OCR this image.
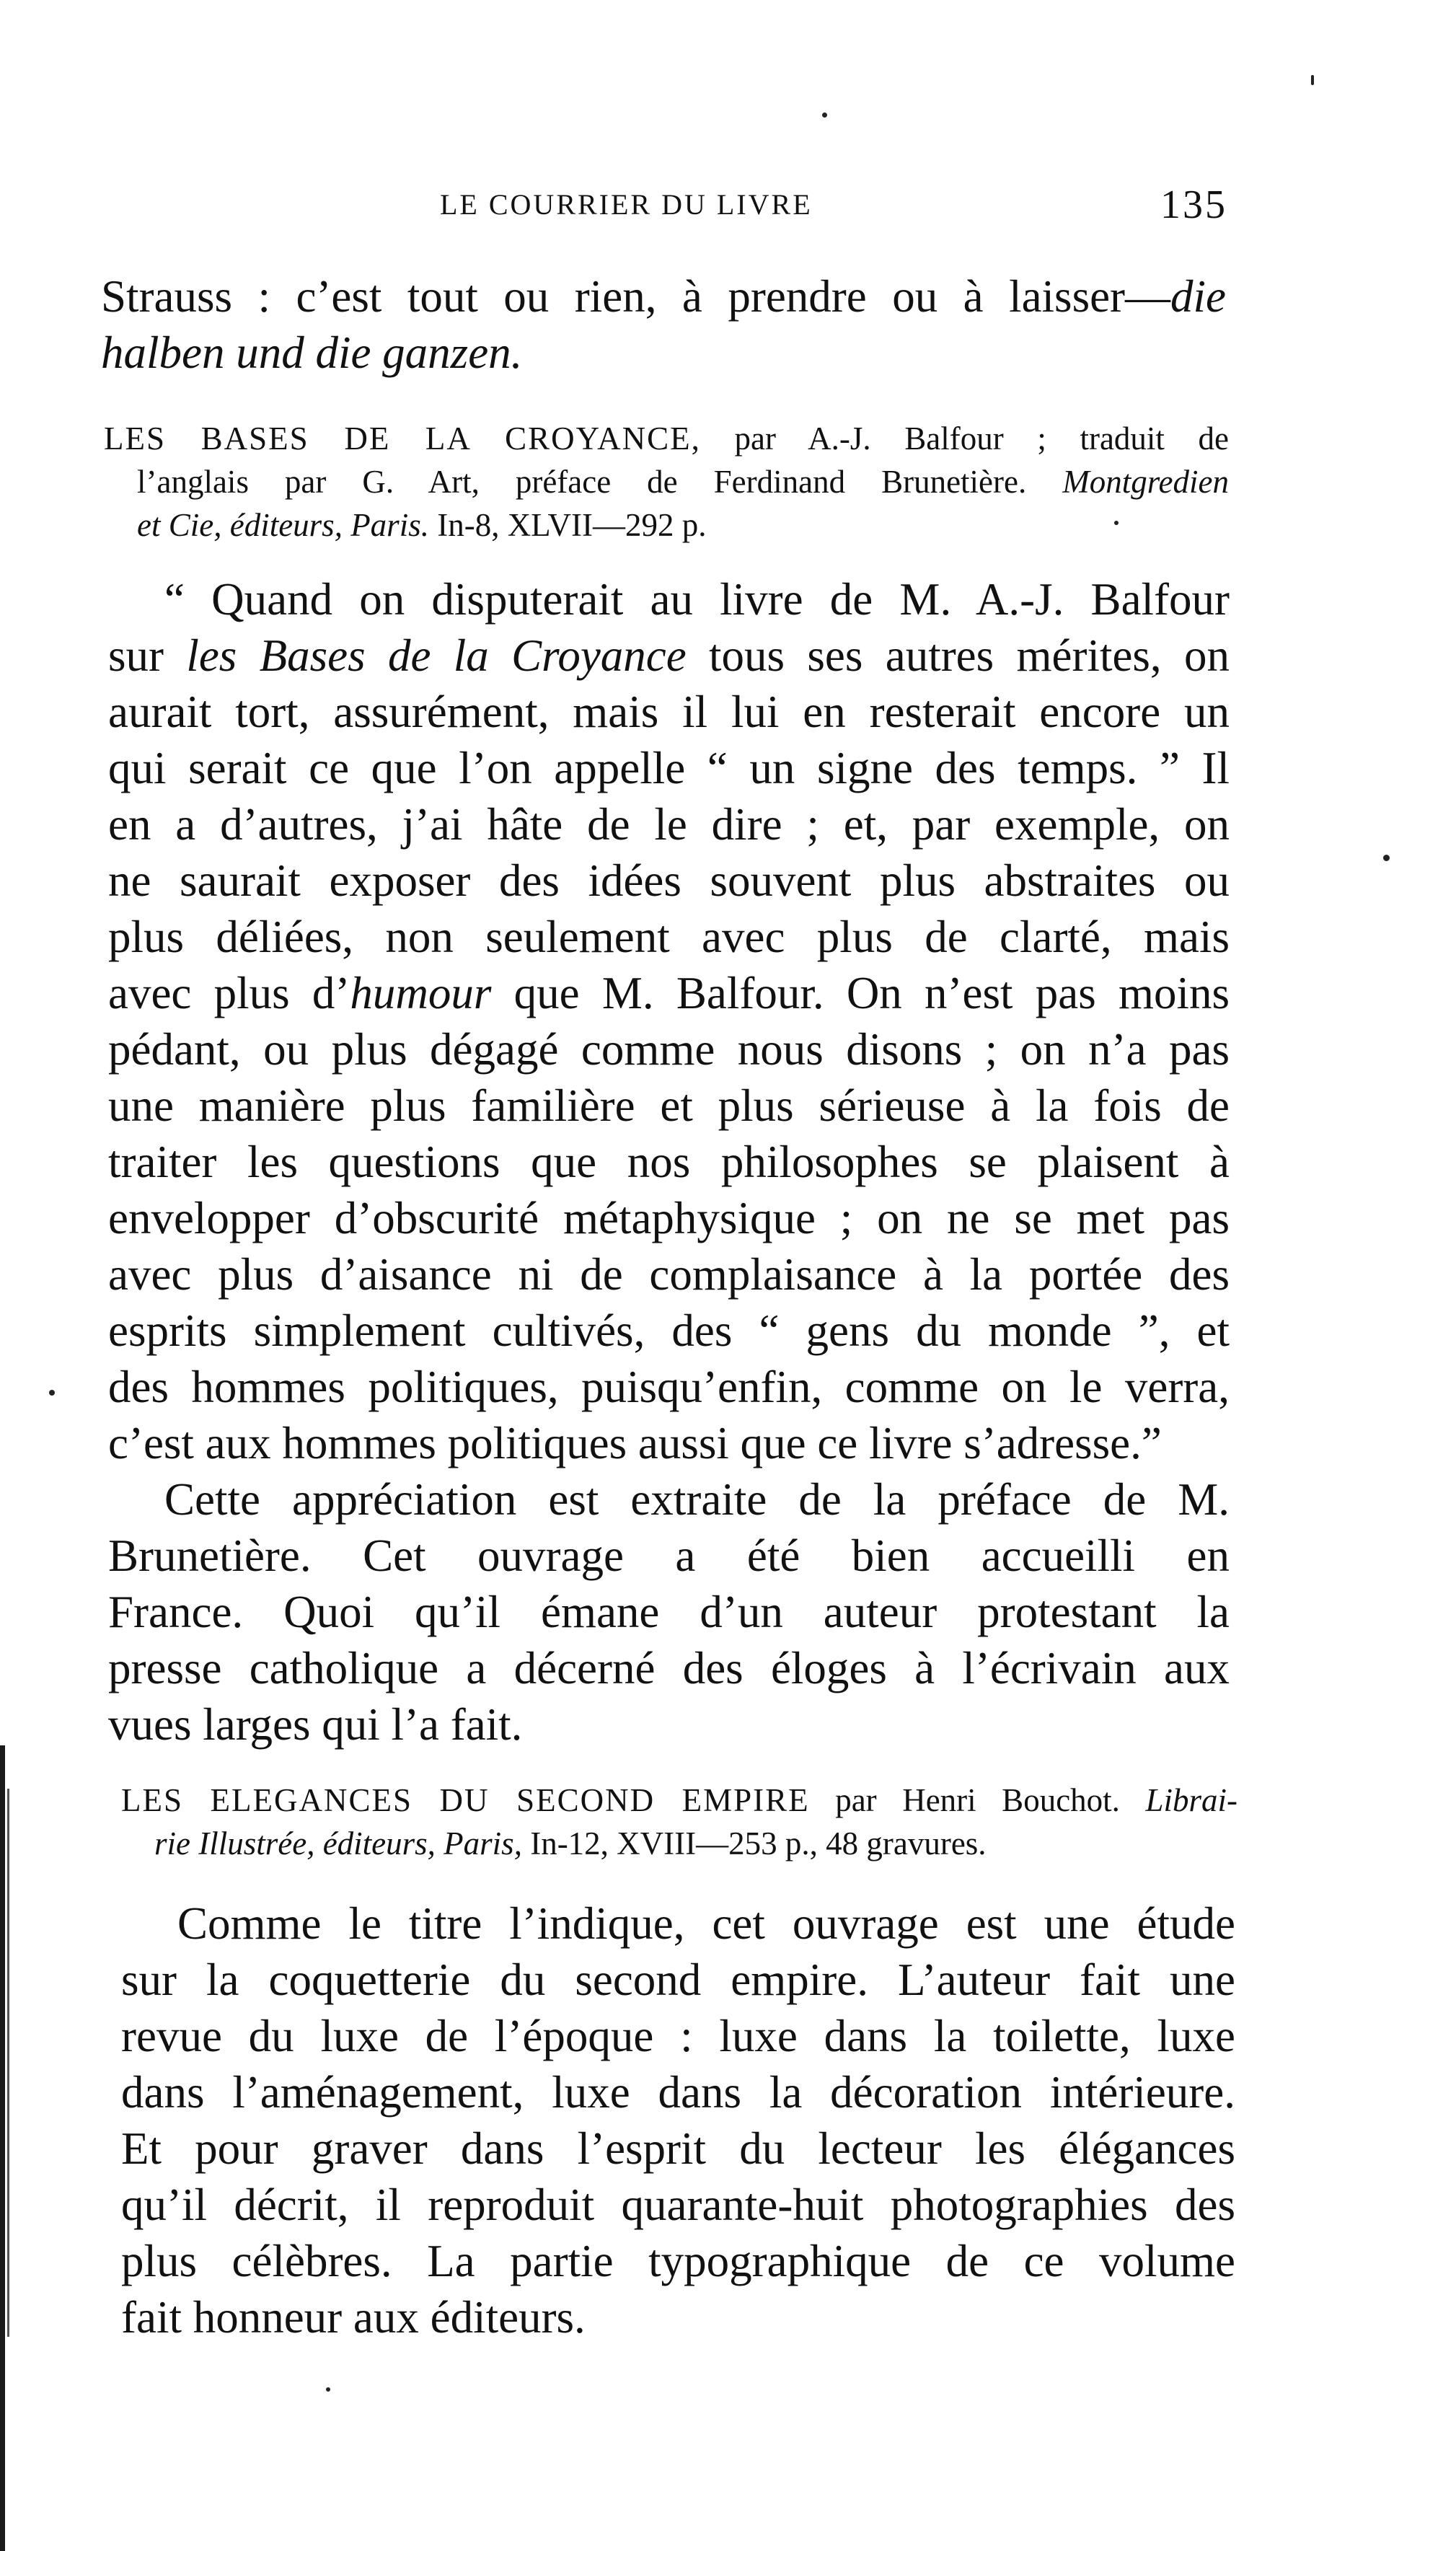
LE COURRIER DU LIVRE	135
Strauss : c’est tout ou rien, à prendre ou à laisser—die
halben und die ganzen.
LES BASES DE LA CROYANCE, par A.-J. Balfour ; traduit de
l’anglais par G. Art, préface de Ferdinand Brunetière. Montgredien
et Cie, éditeurs, Paris. In-8, XLVII—292 p.
“ Quand on disputerait au livre de M. A.-J. Balfour
sur les Bases de la Croyance tous ses autres mérites, on
aurait tort, assurément, mais il lui en resterait encore un
qui serait ce que l’on appelle “ un signe des temps. ” Il
en a d’autres, j’ai hâte de le dire ; et, par exemple, on
ne saurait exposer des idées souvent plus abstraites ou
plus déliées, non seulement avec plus de clarté, mais
avec plus d’humour que M. Balfour. On n’est pas moins
pédant, ou plus dégagé comme nous disons ; on n’a pas
une manière plus familière et plus sérieuse à la fois de
traiter les questions que nos philosophes se plaisent à
envelopper d’obscurité métaphysique ; on ne se met pas
avec plus d’aisance ni de complaisance à la portée des
esprits simplement cultivés, des “ gens du monde ”, et
des hommes politiques, puisqu’enfin, comme on le verra,
c’est aux hommes politiques aussi que ce livre s’adresse.”
Cette appréciation est extraite de la préface de M.
Brunetière. Cet ouvrage a été bien accueilli en
France. Quoi qu’il émane d’un auteur protestant la
presse catholique a décerné des éloges à l’écrivain aux
vues larges qui l’a fait.
LES ELEGANCES DU SECOND EMPIRE par Henri Bouchot. Librai-
rie Illustrée, éditeurs, Paris, In-12, XVIII—253 p., 48 gravures.
Comme le titre l’indique, cet ouvrage est une étude
sur la coquetterie du second empire. L’auteur fait une
revue du luxe de l’époque : luxe dans la toilette, luxe
dans l’aménagement, luxe dans la décoration intérieure.
Et pour graver dans l’esprit du lecteur les élégances
qu’il décrit, il reproduit quarante-huit photographies des
plus célèbres. La partie typographique de ce volume
fait honneur aux éditeurs.
